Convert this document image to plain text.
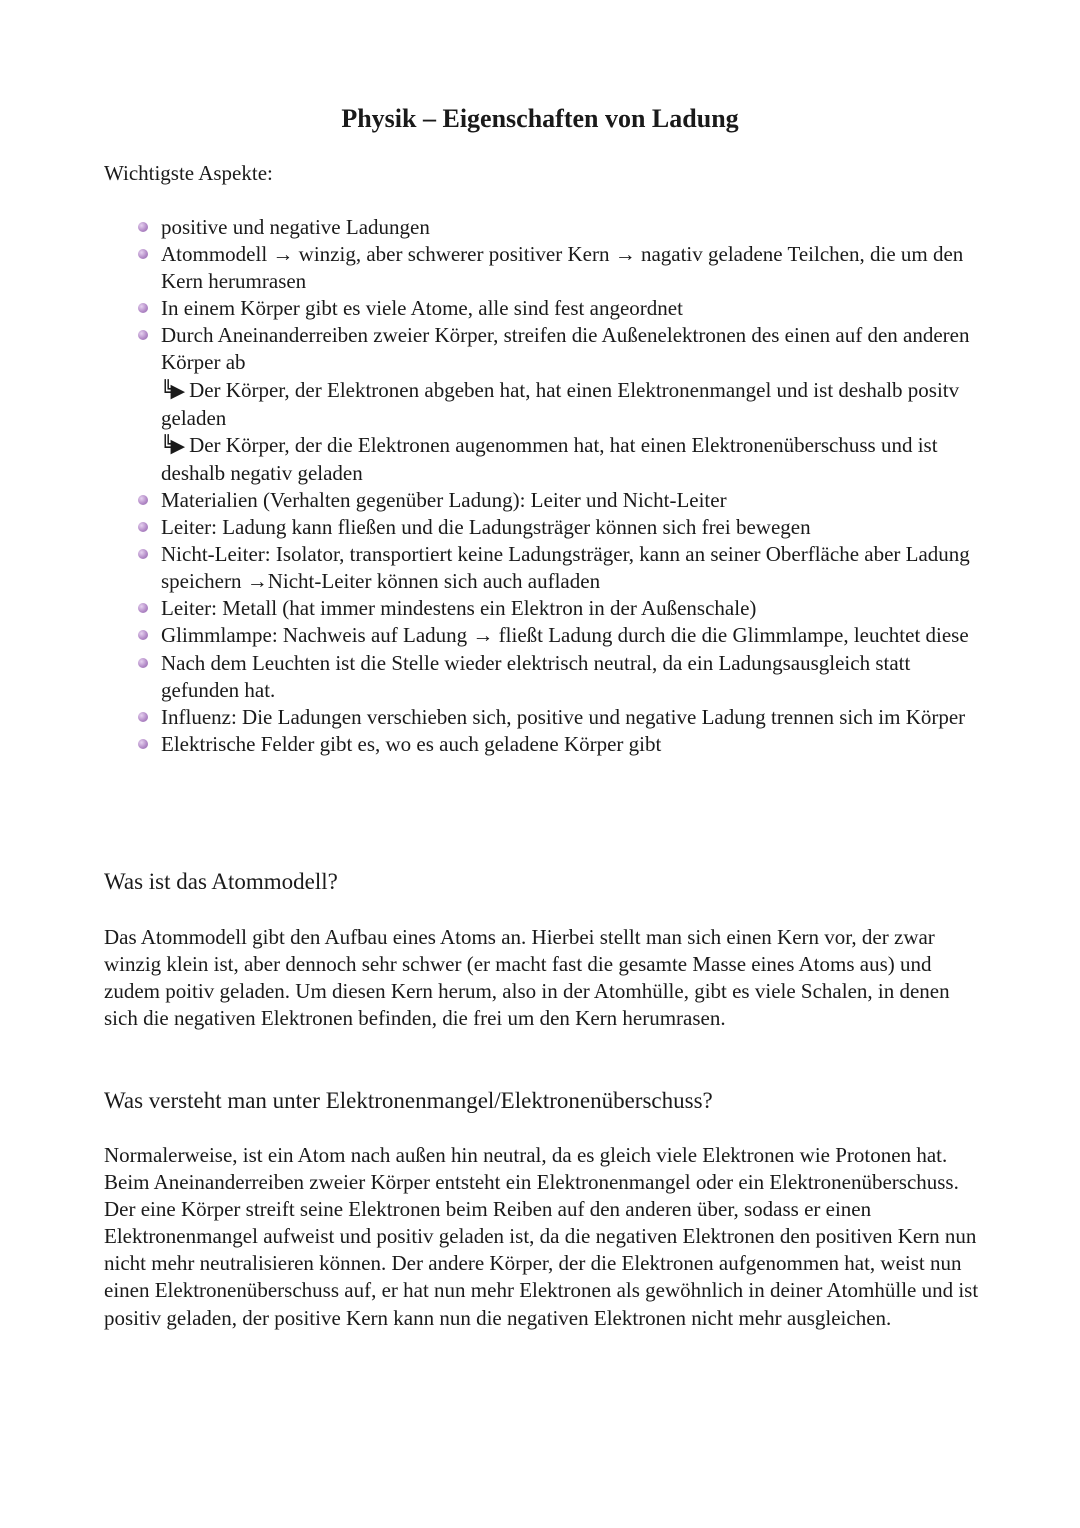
Physik – Eigenschaften von Ladung

Wichtigste Aspekte:

positive und negative Ladungen
Atommodell → winzig, aber schwerer positiver Kern → nagativ geladene Teilchen, die um den Kern herumrasen
In einem Körper gibt es viele Atome, alle sind fest angeordnet
Durch Aneinanderreiben zweier Körper, streifen die Außenelektronen des einen auf den anderen Körper ab
╚▶ Der Körper, der Elektronen abgeben hat, hat einen Elektronenmangel und ist deshalb positv geladen
╚▶ Der Körper, der die Elektronen augenommen hat, hat einen Elektronenüberschuss und ist deshalb negativ geladen
Materialien (Verhalten gegenüber Ladung): Leiter und Nicht-Leiter
Leiter: Ladung kann fließen und die Ladungsträger können sich frei bewegen
Nicht-Leiter: Isolator, transportiert keine Ladungsträger, kann an seiner Oberfläche aber Ladung speichern →Nicht-Leiter können sich auch aufladen
Leiter: Metall (hat immer mindestens ein Elektron in der Außenschale)
Glimmlampe: Nachweis auf Ladung → fließt Ladung durch die die Glimmlampe, leuchtet diese
Nach dem Leuchten ist die Stelle wieder elektrisch neutral, da ein Ladungsausgleich statt gefunden hat.
Influenz: Die Ladungen verschieben sich, positive und negative Ladung trennen sich im Körper
Elektrische Felder gibt es, wo es auch geladene Körper gibt
Was ist das Atommodell?

Das Atommodell gibt den Aufbau eines Atoms an. Hierbei stellt man sich einen Kern vor, der zwar winzig klein ist, aber dennoch sehr schwer (er macht fast die gesamte Masse eines Atoms aus) und zudem poitiv geladen. Um diesen Kern herum, also in der Atomhülle, gibt es viele Schalen, in denen sich die negativen Elektronen befinden, die frei um den Kern herumrasen.

Was versteht man unter Elektronenmangel/Elektronenüberschuss?

Normalerweise, ist ein Atom nach außen hin neutral, da es gleich viele Elektronen wie Protonen hat. Beim Aneinanderreiben zweier Körper entsteht ein Elektronenmangel oder ein Elektronenüberschuss. Der eine Körper streift seine Elektronen beim Reiben auf den anderen über, sodass er einen Elektronenmangel aufweist und positiv geladen ist, da die negativen Elektronen den positiven Kern nun nicht mehr neutralisieren können. Der andere Körper, der die Elektronen aufgenommen hat, weist nun einen Elektronenüberschuss auf, er hat nun mehr Elektronen als gewöhnlich in deiner Atomhülle und ist positiv geladen, der positive Kern kann nun die negativen Elektronen nicht mehr ausgleichen.
